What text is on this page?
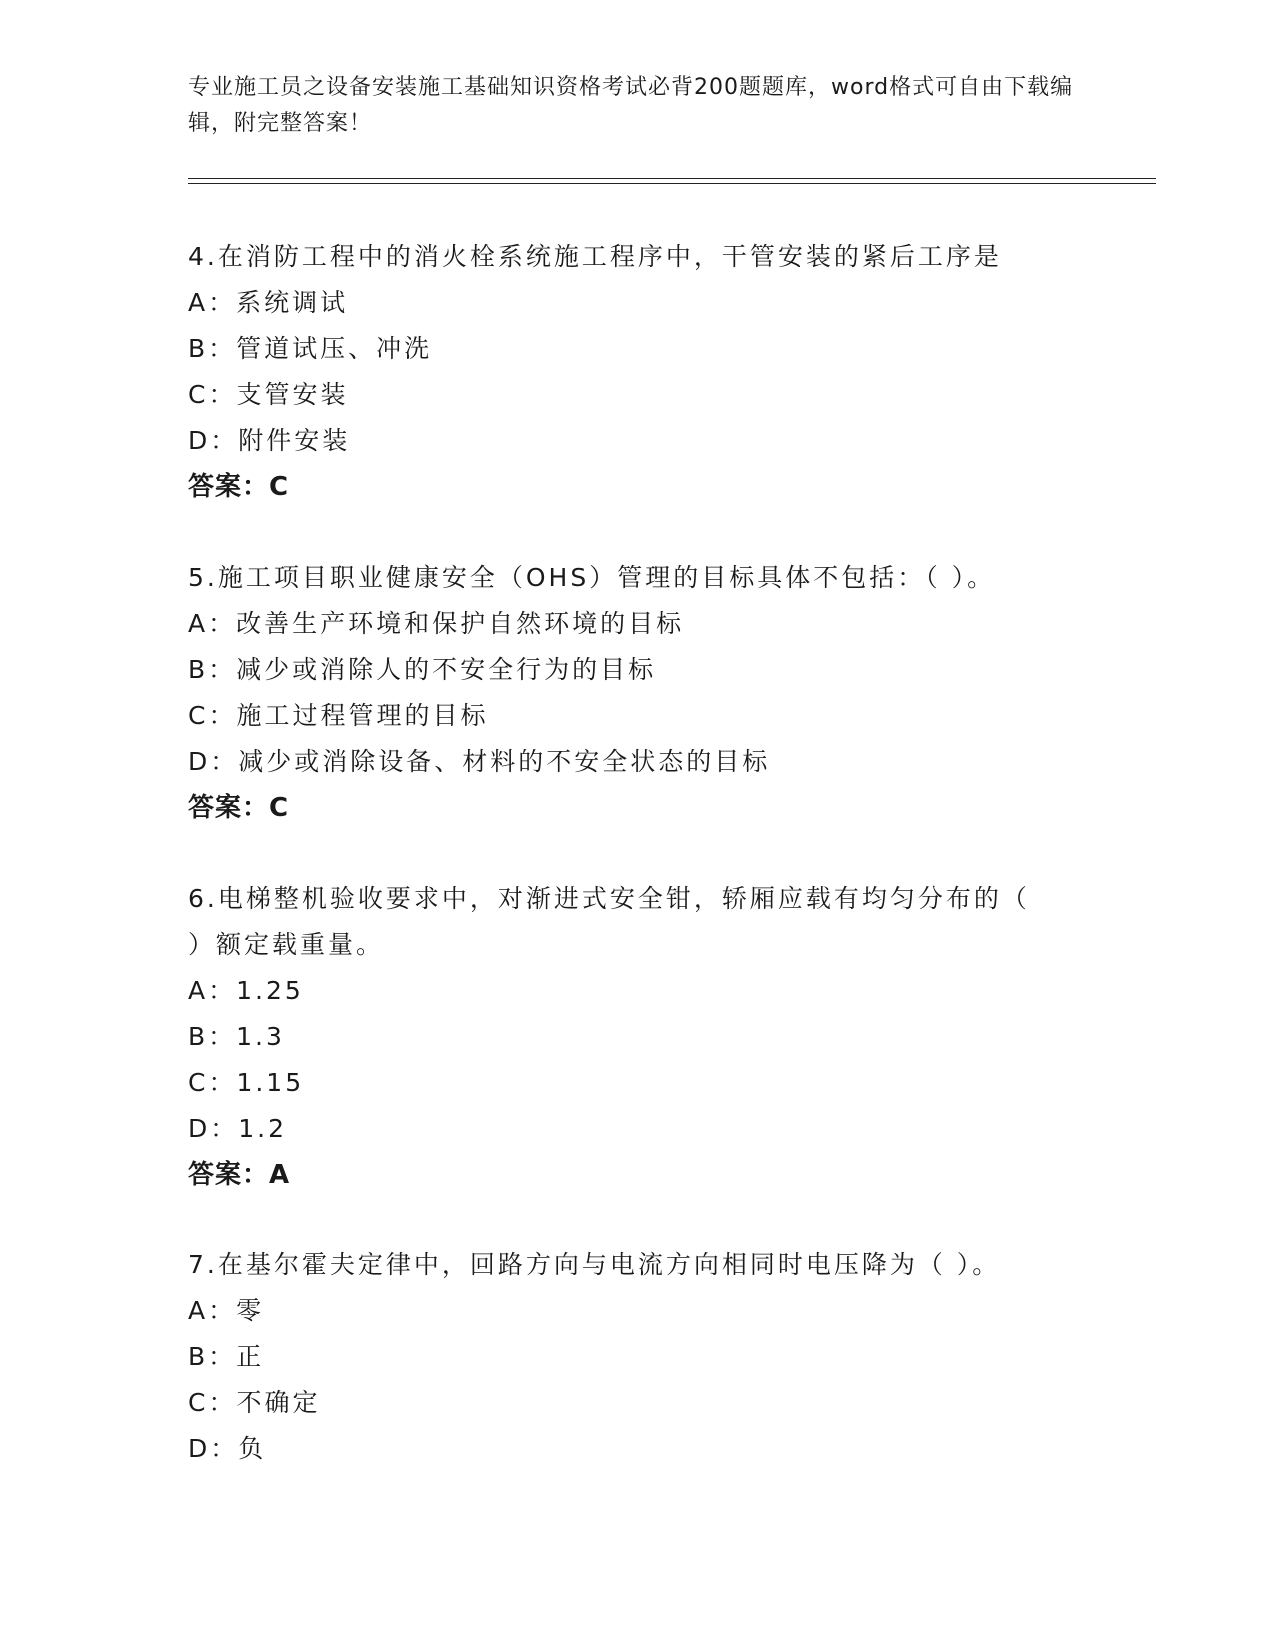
专业施工员之设备安装施工基础知识资格考试必背200题题库，word格式可自由下载编辑，附完整答案！
4.在消防工程中的消火栓系统施工程序中，干管安装的紧后工序是
A：系统调试
B：管道试压、冲洗
C：支管安装
D：附件安装
答案：C
5.施工项目职业健康安全（OHS）管理的目标具体不包括：（ ）。
A：改善生产环境和保护自然环境的目标
B：减少或消除人的不安全行为的目标
C：施工过程管理的目标
D：减少或消除设备、材料的不安全状态的目标
答案：C
6.电梯整机验收要求中，对渐进式安全钳，轿厢应载有均匀分布的（ ）额定载重量。
A：1.25
B：1.3
C：1.15
D：1.2
答案：A
7.在基尔霍夫定律中，回路方向与电流方向相同时电压降为（ ）。
A：零
B：正
C：不确定
D：负
